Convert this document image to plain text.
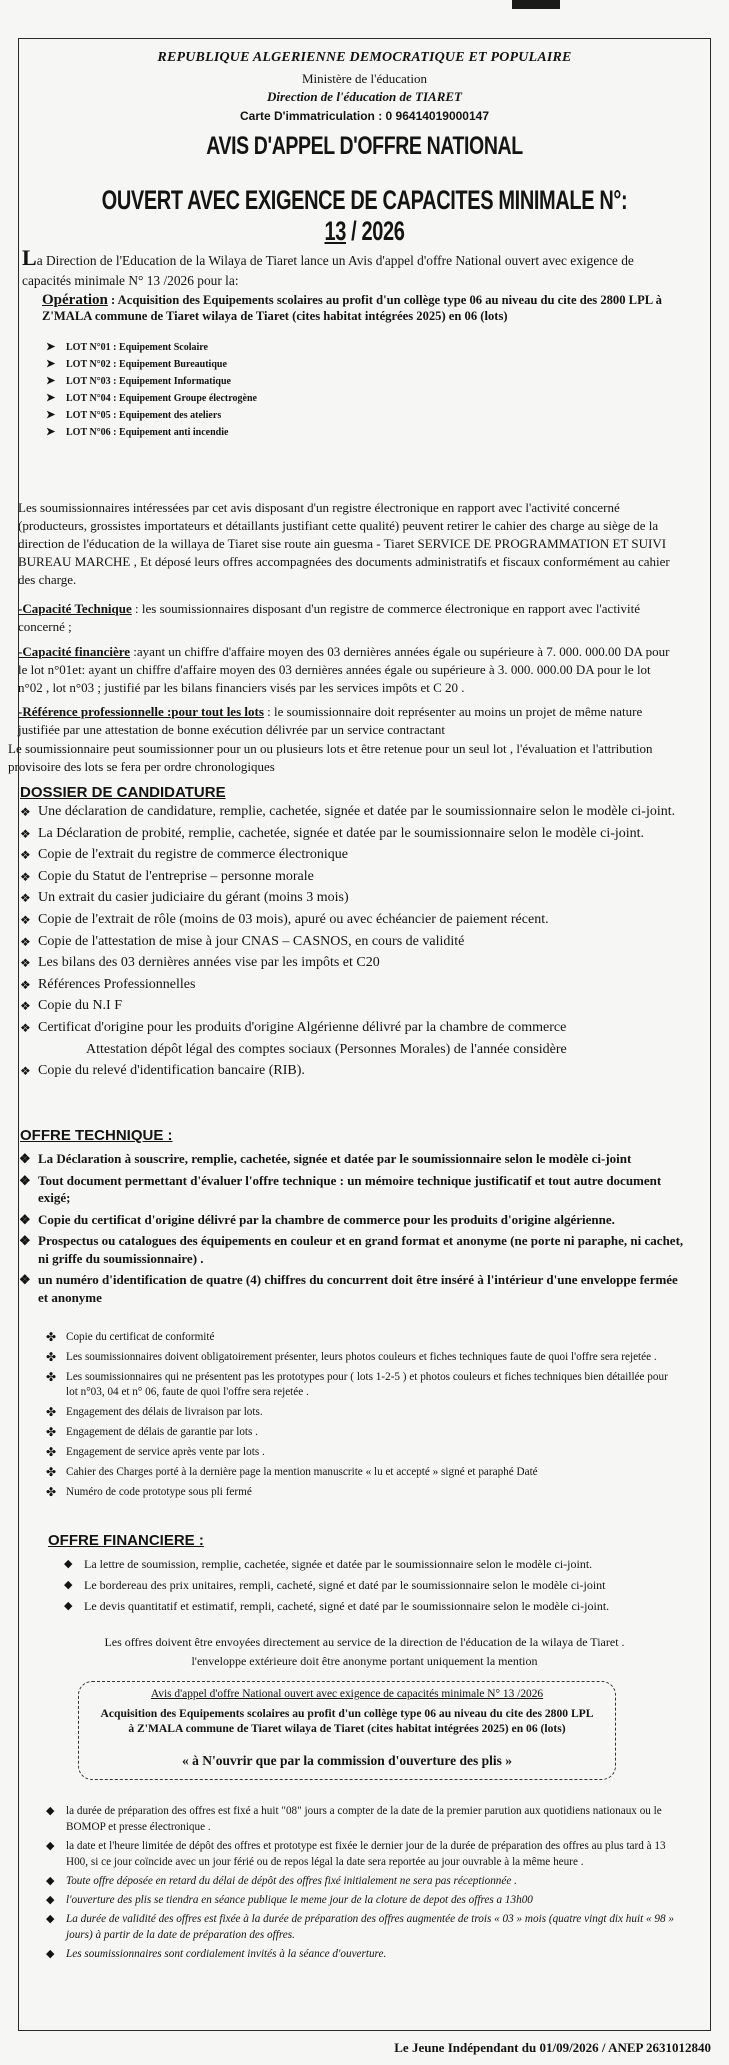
REPUBLIQUE ALGERIENNE DEMOCRATIQUE ET POPULAIRE
Ministère de l'éducation
Direction de l'éducation de TIARET
Carte D'immatriculation : 0 96414019000147
AVIS D'APPEL D'OFFRE NATIONAL
OUVERT AVEC EXIGENCE DE CAPACITES MINIMALE N°: 13 / 2026
La Direction de l'Education de la Wilaya de Tiaret lance un Avis d'appel d'offre National ouvert avec exigence de capacités minimale N° 13 /2026 pour la:
Opération : Acquisition des Equipements scolaires au profit d'un collège type 06 au niveau du cite des 2800 LPL à Z'MALA commune de Tiaret wilaya de Tiaret (cites habitat intégrées 2025) en 06 (lots)
➤ LOT N°01 : Equipement Scolaire
➤ LOT N°02 : Equipement Bureautique
➤ LOT N°03 : Equipement Informatique
➤ LOT N°04 : Equipement Groupe électrogène
➤ LOT N°05 : Equipement des ateliers
➤ LOT N°06 : Equipement anti incendie
Les soumissionnaires intéressées par cet avis disposant d'un registre électronique en rapport avec l'activité concerné (producteurs, grossistes importateurs et détaillants justifiant cette qualité) peuvent retirer le cahier des charge au siège de la direction de l'éducation de la willaya de Tiaret sise route ain guesma - Tiaret SERVICE DE PROGRAMMATION ET SUIVI BUREAU MARCHE , Et déposé leurs offres accompagnées des documents administratifs et fiscaux conformément au cahier des charge.
-Capacité Technique : les soumissionnaires disposant d'un registre de commerce électronique en rapport avec l'activité concerné ;
-Capacité financière :ayant un chiffre d'affaire moyen des 03 dernières années égale ou supérieure à 7. 000. 000.00 DA pour le lot n°01et: ayant un chiffre d'affaire moyen des 03 dernières années égale ou supérieure à 3. 000. 000.00 DA pour le lot n°02 , lot n°03 ; justifié par les bilans financiers visés par les services impôts et C 20 .
-Référence professionnelle :pour tout les lots : le soumissionnaire doit représenter au moins un projet de même nature justifiée par une attestation de bonne exécution délivrée par un service contractant
Le soumissionnaire peut soumissionner pour un ou plusieurs lots et être retenue pour un seul lot , l'évaluation et l'attribution provisoire des lots se fera per ordre chronologiques
DOSSIER DE CANDIDATURE
❖ Une déclaration de candidature, remplie, cachetée, signée et datée par le soumissionnaire selon le modèle ci-joint.
❖ La Déclaration de probité, remplie, cachetée, signée et datée par le soumissionnaire selon le modèle ci-joint.
❖ Copie de l'extrait du registre de commerce électronique
❖ Copie du Statut de l'entreprise – personne morale
❖ Un extrait du casier judiciaire du gérant (moins 3 mois)
❖ Copie de l'extrait de rôle (moins de 03 mois), apuré ou avec échéancier de paiement récent.
❖ Copie de l'attestation de mise à jour CNAS – CASNOS, en cours de validité
❖ Les bilans des 03 dernières années vise par les impôts et C20
❖ Références Professionnelles
❖ Copie du N.I F
❖ Certificat d'origine pour les produits d'origine Algérienne délivré par la chambre de commerce
Attestation dépôt légal des comptes sociaux (Personnes Morales) de l'année considère
❖ Copie du relevé d'identification bancaire (RIB).
OFFRE TECHNIQUE :
❖ La Déclaration à souscrire, remplie, cachetée, signée et datée par le soumissionnaire selon le modèle ci-joint
❖ Tout document permettant d'évaluer l'offre technique : un mémoire technique justificatif et tout autre document exigé;
❖ Copie du certificat d'origine délivré par la chambre de commerce pour les produits d'origine algérienne.
❖ Prospectus ou catalogues des équipements en couleur et en grand format et anonyme (ne porte ni paraphe, ni cachet, ni griffe du soumissionnaire) .
❖ un numéro d'identification de quatre (4) chiffres du concurrent doit être inséré à l'intérieur d'une enveloppe fermée et anonyme
✤ Copie du certificat de conformité
✤ Les soumissionnaires doivent obligatoirement présenter, leurs photos couleurs et fiches techniques faute de quoi l'offre sera rejetée .
✤ Les soumissionnaires qui ne présentent pas les prototypes pour ( lots 1-2-5 ) et photos couleurs et fiches techniques bien détaillée pour lot n°03, 04 et n° 06, faute de quoi l'offre sera rejetée .
✤ Engagement des délais de livraison par lots.
✤ Engagement de délais de garantie par lots .
✤ Engagement de service après vente par lots .
✤ Cahier des Charges porté à la dernière page la mention manuscrite « lu et accepté » signé et paraphé Daté
✤ Numéro de code prototype sous pli fermé
OFFRE FINANCIERE :
◆ La lettre de soumission, remplie, cachetée, signée et datée par le soumissionnaire selon le modèle ci-joint.
◆ Le bordereau des prix unitaires, rempli, cacheté, signé et daté par le soumissionnaire selon le modèle ci-joint
◆ Le devis quantitatif et estimatif, rempli, cacheté, signé et daté par le soumissionnaire selon le modèle ci-joint.
Les offres doivent être envoyées directement au service de la direction de l'éducation de la wilaya de Tiaret .
l'enveloppe extérieure doit être anonyme portant uniquement la mention
Avis d'appel d'offre National ouvert avec exigence de capacités minimale N° 13 /2026
Acquisition des Equipements scolaires au profit d'un collège type 06 au niveau du cite des 2800 LPL à Z'MALA commune de Tiaret wilaya de Tiaret (cites habitat intégrées 2025) en 06 (lots)
« à N'ouvrir que par la commission d'ouverture des plis »
◆ la durée de préparation des offres est fixé a huit "08" jours a compter de la date de la premier parution aux quotidiens nationaux ou le BOMOP et presse électronique .
◆ la date et l'heure limitée de dépôt des offres et prototype est fixée le dernier jour de la durée de préparation des offres au plus tard à 13 H00, si ce jour coïncide avec un jour férié ou de repos légal la date sera reportée au jour ouvrable à la même heure .
◆ Toute offre déposée en retard du délai de dépôt des offres fixé initialement ne sera pas réceptionnée .
◆ l'ouverture des plis se tiendra en séance publique le meme jour de la cloture de depot des offres a 13h00
◆ La durée de validité des offres est fixée à la durée de préparation des offres augmentée de trois « 03 » mois (quatre vingt dix huit « 98 » jours) à partir de la date de préparation des offres.
◆ Les soumissionnaires sont cordialement invités à la séance d'ouverture.
Le Jeune Indépendant du 01/09/2026 / ANEP 2631012840
